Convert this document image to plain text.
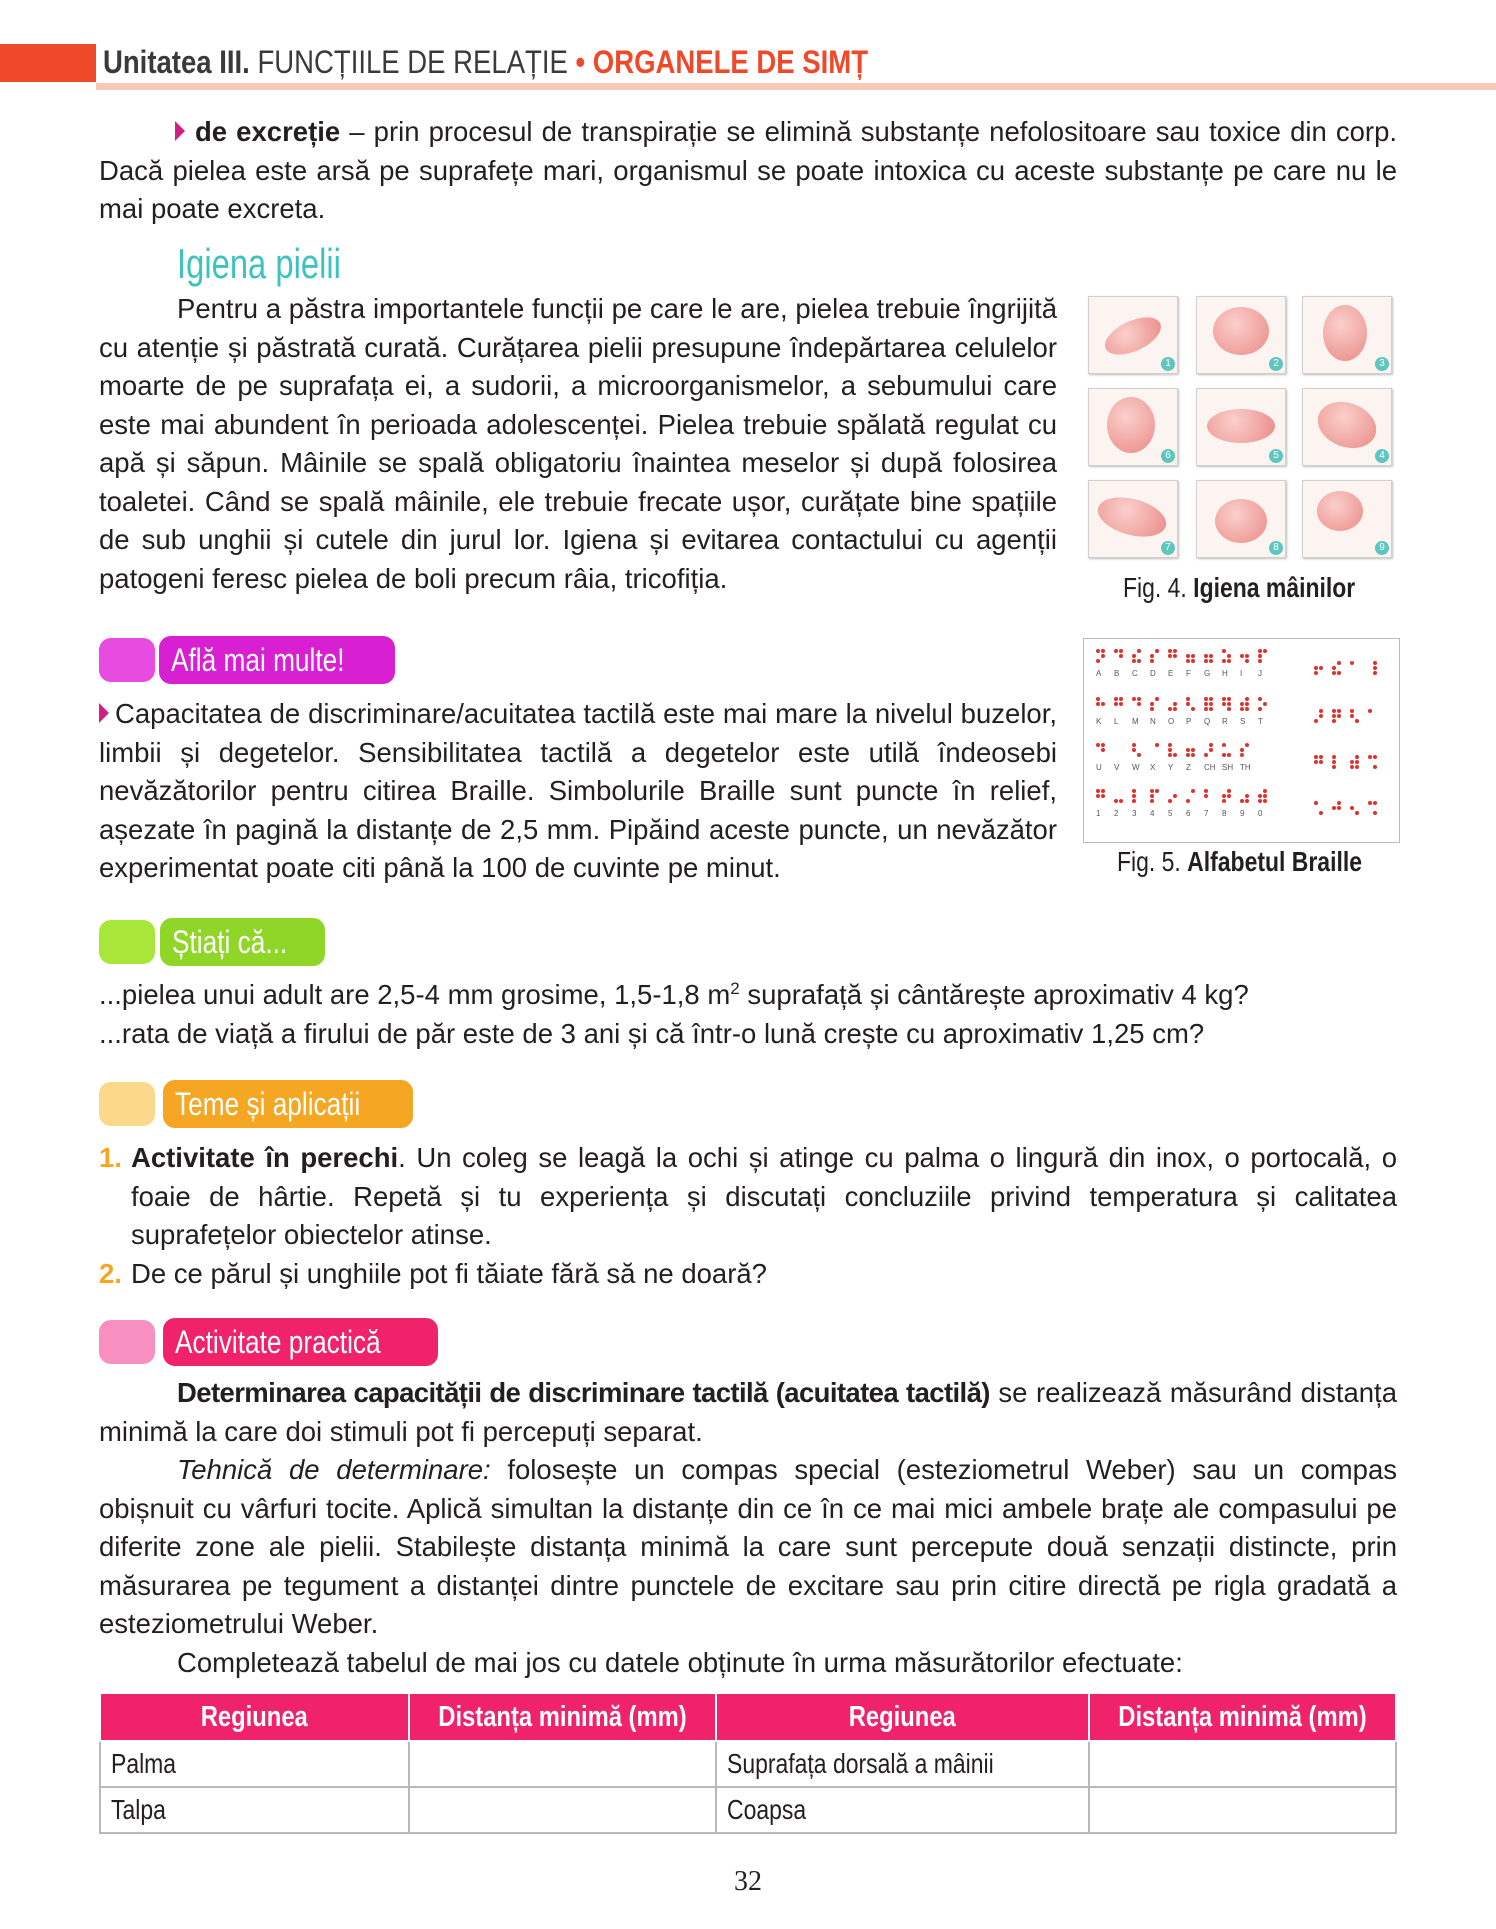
Unitatea III. FUNCȚIILE DE RELAȚIE • ORGANELE DE SIMȚ

de excreție – prin procesul de transpirație se elimină substanțe nefolositoare sau toxice din corp. Dacă pielea este arsă pe suprafețe mari, organismul se poate intoxica cu aceste substanțe pe care nu le mai poate excreta.

Igiena pielii

Pentru a păstra importantele funcții pe care le are, pielea trebuie îngrijită cu atenție și păstrată curată. Curățarea pielii presupune îndepărtarea celulelor moarte de pe suprafața ei, a sudorii, a microorganismelor, a sebumului care este mai abundent în perioada adolescenței. Pielea trebuie spălată regulat cu apă și săpun. Mâinile se spală obligatoriu înaintea meselor și după folosirea toaletei. Când se spală mâinile, ele trebuie frecate ușor, curățate bine spațiile de sub unghii și cutele din jurul lor. Igiena și evitarea contactului cu agenții patogeni feresc pielea de boli precum râia, tricofiția.

1	2	3
6	5	4
7	8	9
Fig. 4. Igiena mâinilor
Află mai multe!

Capacitatea de discriminare/acuitatea tactilă este mai mare la nivelul buzelor, limbii și degetelor. Sensibilitatea tactilă a degetelor este utilă îndeosebi nevăzătorilor pentru citirea Braille. Simbolurile Braille sunt puncte în relief, așezate în pagină la distanțe de 2,5 mm. Pipăind aceste puncte, un nevăzător experimentat poate citi până la 100 de cuvinte pe minut.

A B C D E F G H I J
K L M N O P Q R S T
U V W X Y Z CH SH TH
1 2 3 4 5 6 7 8 9 0
Fig. 5. Alfabetul Braille
Știați că...

...pielea unui adult are 2,5-4 mm grosime, 1,5-1,8 $m^2$ suprafață și cântărește aproximativ 4 kg?

...rata de viață a firului de păr este de 3 ani și că într-o lună crește cu aproximativ 1,25 cm?

Teme și aplicații
1. Activitate în perechi. Un coleg se leagă la ochi și atinge cu palma o lingură din inox, o portocală, o foaie de hârtie. Repetă și tu experiența și discutați concluziile privind temperatura și calitatea suprafețelor obiectelor atinse.

2. De ce părul și unghiile pot fi tăiate fără să ne doară?

Activitate practică

Determinarea capacității de discriminare tactilă (acuitatea tactilă) se realizează măsurând distanța minimă la care doi stimuli pot fi percepuți separat.

Tehnică de determinare: folosește un compas special (esteziometrul Weber) sau un compas obișnuit cu vârfuri tocite. Aplică simultan la distanțe din ce în ce mai mici ambele brațe ale compasului pe diferite zone ale pielii. Stabilește distanța minimă la care sunt percepute două senzații distincte, prin măsurarea pe tegument a distanței dintre punctele de excitare sau prin citire directă pe rigla gradată a esteziometrului Weber.

Completează tabelul de mai jos cu datele obținute în urma măsurătorilor efectuate:

Regiunea	Distanța minimă (mm)	Regiunea	Distanța minimă (mm)
Palma		Suprafața dorsală a mâinii	
Talpa		Coapsa	
32
